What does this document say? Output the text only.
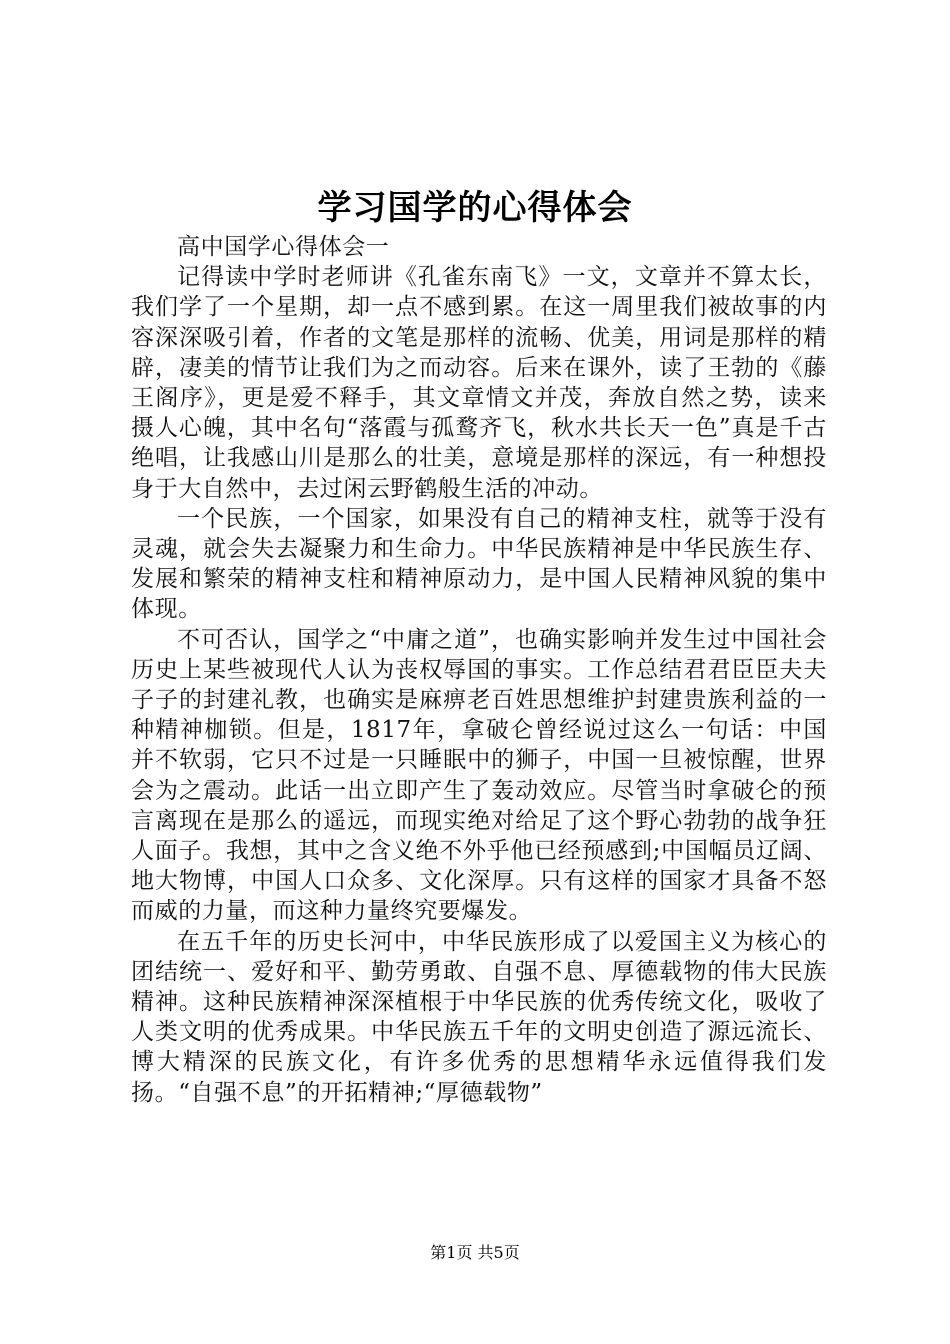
学习国学的心得体会

高中国学心得体会一

记得读中学时老师讲《孔雀东南飞》一文，文章并不算太长，我们学了一个星期，却一点不感到累。在这一周里我们被故事的内容深深吸引着，作者的文笔是那样的流畅、优美，用词是那样的精辟，凄美的情节让我们为之而动容。后来在课外，读了王勃的《藤王阁序》，更是爱不释手，其文章情文并茂，奔放自然之势，读来摄人心魄，其中名句“落霞与孤鹜齐飞，秋水共长天一色”真是千古绝唱，让我感山川是那么的壮美，意境是那样的深远，有一种想投身于大自然中，去过闲云野鹤般生活的冲动。

一个民族，一个国家，如果没有自己的精神支柱，就等于没有灵魂，就会失去凝聚力和生命力。中华民族精神是中华民族生存、发展和繁荣的精神支柱和精神原动力，是中国人民精神风貌的集中体现。

不可否认，国学之“中庸之道”，也确实影响并发生过中国社会历史上某些被现代人认为丧权辱国的事实。工作总结君君臣臣夫夫子子的封建礼教，也确实是麻痹老百姓思想维护封建贵族利益的一种精神枷锁。但是，1817年，拿破仑曾经说过这么一句话：中国并不软弱，它只不过是一只睡眠中的狮子，中国一旦被惊醒，世界会为之震动。此话一出立即产生了轰动效应。尽管当时拿破仑的预言离现在是那么的遥远，而现实绝对给足了这个野心勃勃的战争狂人面子。我想，其中之含义绝不外乎他已经预感到;中国幅员辽阔、地大物博，中国人口众多、文化深厚。只有这样的国家才具备不怒而威的力量，而这种力量终究要爆发。

在五千年的历史长河中，中华民族形成了以爱国主义为核心的团结统一、爱好和平、勤劳勇敢、自强不息、厚德载物的伟大民族精神。这种民族精神深深植根于中华民族的优秀传统文化，吸收了人类文明的优秀成果。中华民族五千年的文明史创造了源远流长、博大精深的民族文化，有许多优秀的思想精华永远值得我们发扬。“自强不息”的开拓精神;“厚德载物”

第1页 共5页
